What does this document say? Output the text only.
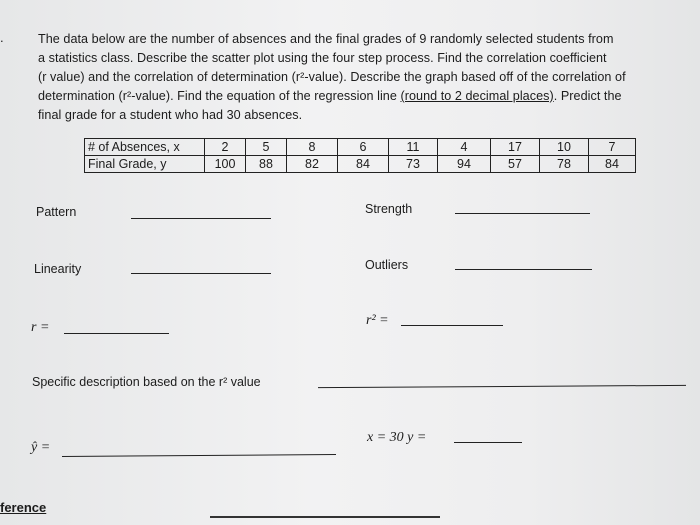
.	The data below are the number of absences and the final grades of 9 randomly selected students from
a statistics class. Describe the scatter plot using the four step process. Find the correlation coefficient
(r value) and the correlation of determination (r²-value). Describe the graph based off of the correlation of
determination (r²-value). Find the equation of the regression line (round to 2 decimal places). Predict the
final grade for a student who had 30 absences.
# of Absences, x	2	5	8	6	11	4	17	10	7
Final Grade, y	100	88	82	84	73	94	57	78	84
Pattern	Strength
Linearity	Outliers
r =	r² =
Specific description based on the r² value
ŷ =
x = 30 y =
ference
